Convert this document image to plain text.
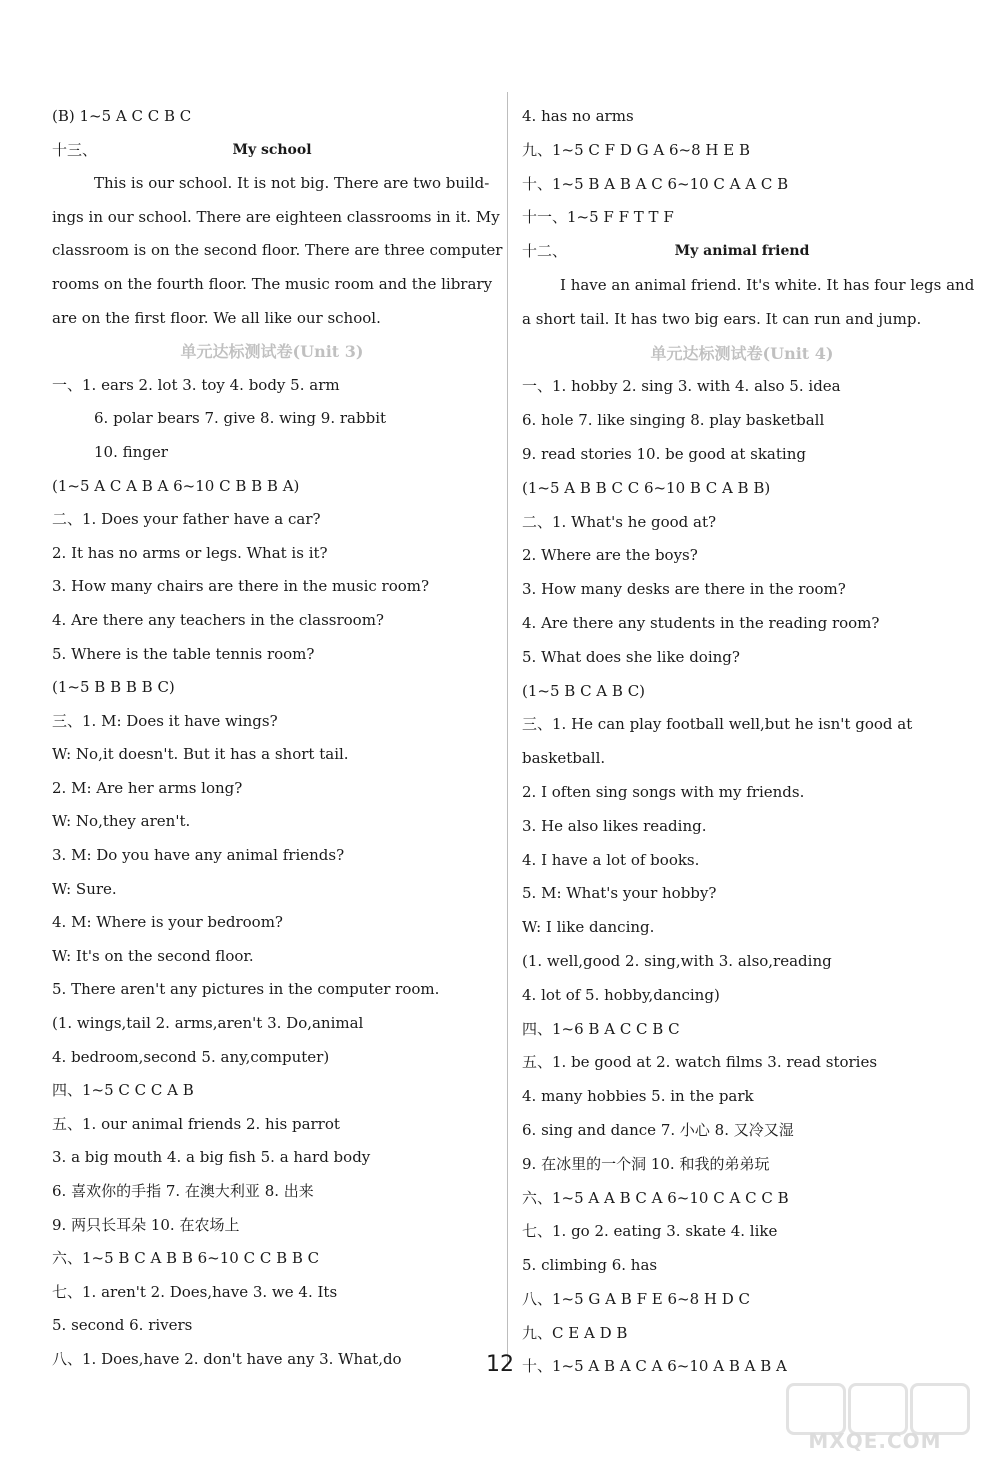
(B) 1~5 A C C B C
十三、	My school
This is our school. It is not big. There are two build-
ings in our school. There are eighteen classrooms in it. My
classroom is on the second floor. There are three computer
rooms on the fourth floor. The music room and the library
are on the first floor. We all like our school.
单元达标测试卷(Unit 3)
一、1. ears 2. lot 3. toy 4. body 5. arm
6. polar bears 7. give 8. wing 9. rabbit
10. finger
(1~5 A C A B A 6~10 C B B B A)
二、1. Does your father have a car?
2. It has no arms or legs. What is it?
3. How many chairs are there in the music room?
4. Are there any teachers in the classroom?
5. Where is the table tennis room?
(1~5 B B B B C)
三、1. M: Does it have wings?
W: No,it doesn't. But it has a short tail.
2. M: Are her arms long?
W: No,they aren't.
3. M: Do you have any animal friends?
W: Sure.
4. M: Where is your bedroom?
W: It's on the second floor.
5. There aren't any pictures in the computer room.
(1. wings,tail 2. arms,aren't 3. Do,animal
4. bedroom,second 5. any,computer)
四、1~5 C C C A B
五、1. our animal friends 2. his parrot
3. a big mouth 4. a big fish 5. a hard body
6. 喜欢你的手指 7. 在澳大利亚 8. 出来
9. 两只长耳朵 10. 在农场上
六、1~5 B C A B B 6~10 C C B B C
七、1. aren't 2. Does,have 3. we 4. Its
5. second 6. rivers
八、1. Does,have 2. don't have any 3. What,do
4. has no arms
九、1~5 C F D G A 6~8 H E B
十、1~5 B A B A C 6~10 C A A C B
十一、1~5 F F T T F
十二、	My animal friend
I have an animal friend. It's white. It has four legs and
a short tail. It has two big ears. It can run and jump.
单元达标测试卷(Unit 4)
一、1. hobby 2. sing 3. with 4. also 5. idea
6. hole 7. like singing 8. play basketball
9. read stories 10. be good at skating
(1~5 A B B C C 6~10 B C A B B)
二、1. What's he good at?
2. Where are the boys?
3. How many desks are there in the room?
4. Are there any students in the reading room?
5. What does she like doing?
(1~5 B C A B C)
三、1. He can play football well,but he isn't good at
basketball.
2. I often sing songs with my friends.
3. He also likes reading.
4. I have a lot of books.
5. M: What's your hobby?
W: I like dancing.
(1. well,good 2. sing,with 3. also,reading
4. lot of 5. hobby,dancing)
四、1~6 B A C C B C
五、1. be good at 2. watch films 3. read stories
4. many hobbies 5. in the park
6. sing and dance 7. 小心 8. 又冷又湿
9. 在冰里的一个洞 10. 和我的弟弟玩
六、1~5 A A B C A 6~10 C A C C B
七、1. go 2. eating 3. skate 4. like
5. climbing 6. has
八、1~5 G A B F E 6~8 H D C
九、C E A D B
十、1~5 A B A C A 6~10 A B A B A
12
MXQE.COM
